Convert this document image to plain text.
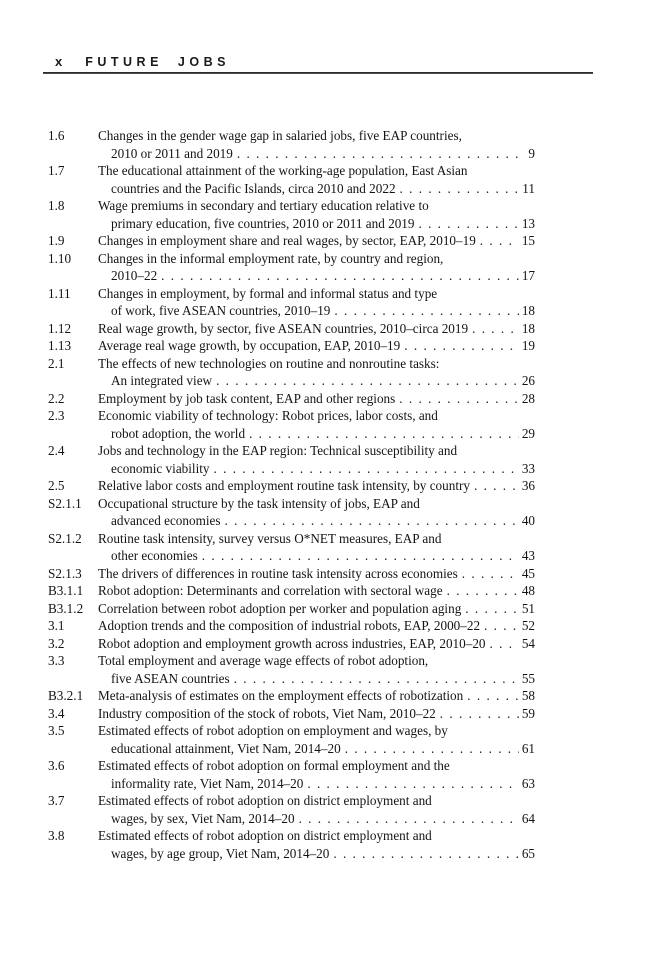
x FUTURE JOBS
1.6	Changes in the gender wage gap in salaried jobs, five EAP countries,
2010 or 2011 and 2019 . . .	9
1.7	The educational attainment of the working-age population, East Asian
countries and the Pacific Islands, circa 2010 and 2022 . . .	11
1.8	Wage premiums in secondary and tertiary education relative to
primary education, five countries, 2010 or 2011 and 2019 . . .	13
1.9	Changes in employment share and real wages, by sector, EAP, 2010–19 . . .	15
1.10	Changes in the informal employment rate, by country and region,
2010–22 . . .	17
1.11	Changes in employment, by formal and informal status and type
of work, five ASEAN countries, 2010–19 . . .	18
1.12	Real wage growth, by sector, five ASEAN countries, 2010–circa 2019 . . .	18
1.13	Average real wage growth, by occupation, EAP, 2010–19 . . .	19
2.1	The effects of new technologies on routine and nonroutine tasks:
An integrated view . . .	26
2.2	Employment by job task content, EAP and other regions . . .	28
2.3	Economic viability of technology: Robot prices, labor costs, and
robot adoption, the world . . .	29
2.4	Jobs and technology in the EAP region: Technical susceptibility and
economic viability . . .	33
2.5	Relative labor costs and employment routine task intensity, by country . . .	36
S2.1.1	Occupational structure by the task intensity of jobs, EAP and
advanced economies . . .	40
S2.1.2	Routine task intensity, survey versus O*NET measures, EAP and
other economies . . .	43
S2.1.3	The drivers of differences in routine task intensity across economies . . .	45
B3.1.1	Robot adoption: Determinants and correlation with sectoral wage . . .	48
B3.1.2	Correlation between robot adoption per worker and population aging . . .	51
3.1	Adoption trends and the composition of industrial robots, EAP, 2000–22 . . .	52
3.2	Robot adoption and employment growth across industries, EAP, 2010–20 . . .	54
3.3	Total employment and average wage effects of robot adoption,
five ASEAN countries . . .	55
B3.2.1	Meta-analysis of estimates on the employment effects of robotization . . .	58
3.4	Industry composition of the stock of robots, Viet Nam, 2010–22 . . .	59
3.5	Estimated effects of robot adoption on employment and wages, by
educational attainment, Viet Nam, 2014–20 . . .	61
3.6	Estimated effects of robot adoption on formal employment and the
informality rate, Viet Nam, 2014–20 . . .	63
3.7	Estimated effects of robot adoption on district employment and
wages, by sex, Viet Nam, 2014–20 . . .	64
3.8	Estimated effects of robot adoption on district employment and
wages, by age group, Viet Nam, 2014–20 . . .	65
